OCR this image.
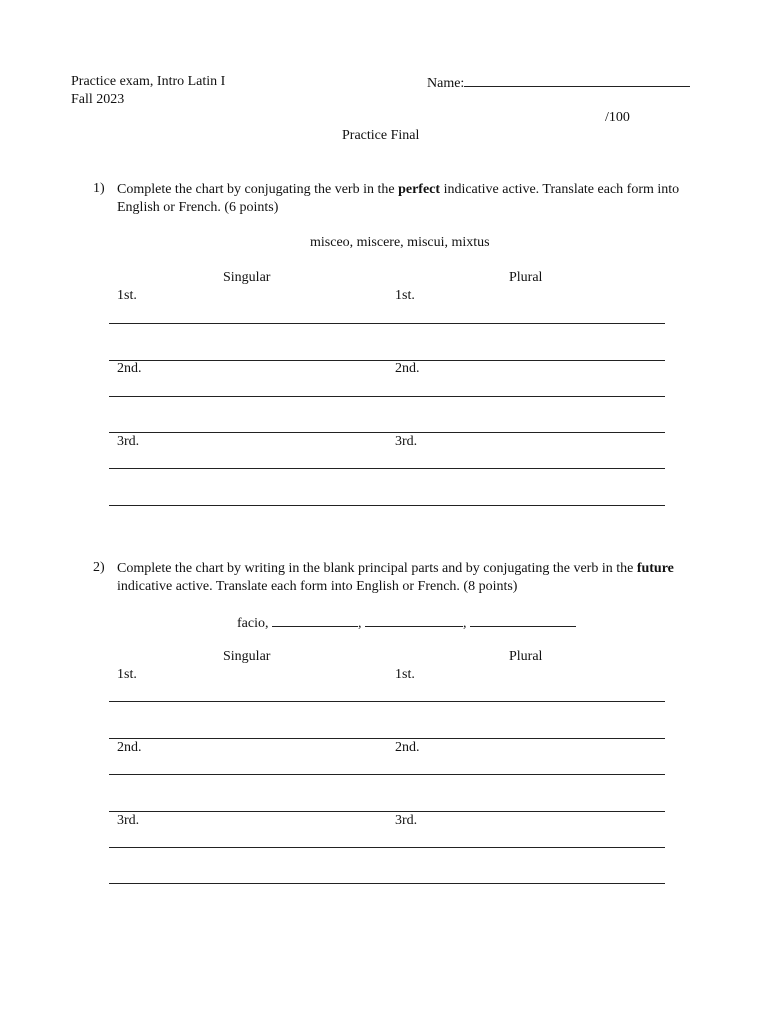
Practice exam, Intro Latin I
Fall 2023
Name:
/100
Practice Final
1) Complete the chart by conjugating the verb in the perfect indicative active. Translate each form into English or French. (6 points)
misceo, miscere, miscui, mixtus
Singular	Plural
1st.	1st.
2nd.	2nd.
3rd.	3rd.
2) Complete the chart by writing in the blank principal parts and by conjugating the verb in the future indicative active. Translate each form into English or French. (8 points)
facio,	,	,
Singular	Plural
1st.	1st.
2nd.	2nd.
3rd.	3rd.
